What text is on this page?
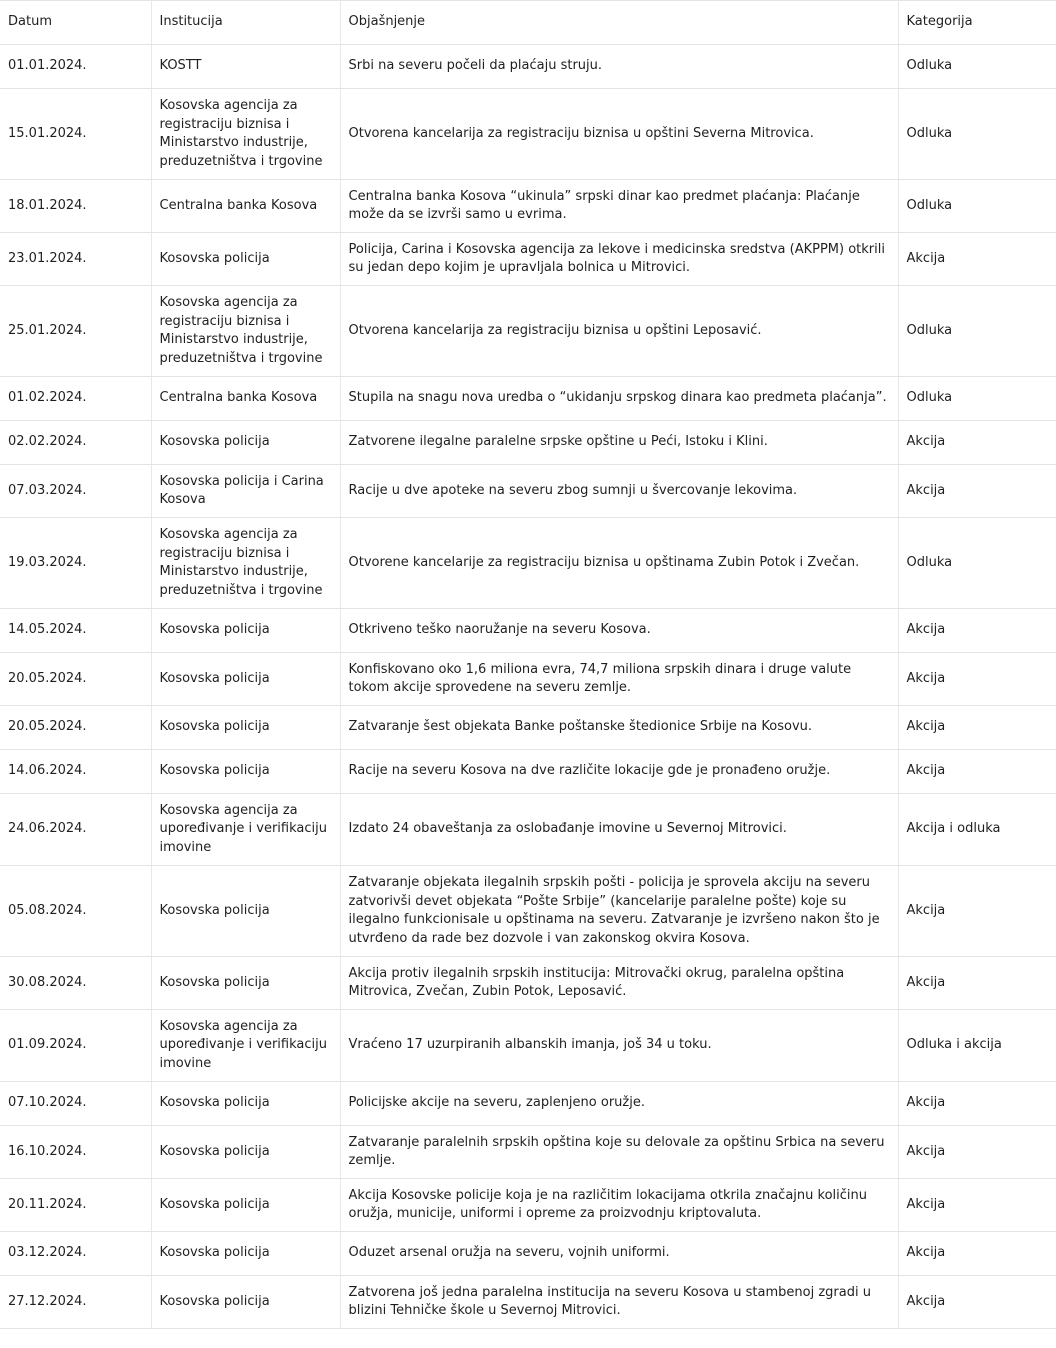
Datum	Institucija	Objašnjenje	Kategorija
01.01.2024.	KOSTT	Srbi na severu počeli da plaćaju struju.	Odluka
15.01.2024.	Kosovska agencija za registraciju biznisa i Ministarstvo industrije, preduzetništva i trgovine	Otvorena kancelarija za registraciju biznisa u opštini Severna Mitrovica.	Odluka
18.01.2024.	Centralna banka Kosova	Centralna banka Kosova “ukinula” srpski dinar kao predmet plaćanja: Plaćanje može da se izvrši samo u evrima.	Odluka
23.01.2024.	Kosovska policija	Policija, Carina i Kosovska agencija za lekove i medicinska sredstva (AKPPM) otkrili su jedan depo kojim je upravljala bolnica u Mitrovici.	Akcija
25.01.2024.	Kosovska agencija za registraciju biznisa i Ministarstvo industrije, preduzetništva i trgovine	Otvorena kancelarija za registraciju biznisa u opštini Leposavić.	Odluka
01.02.2024.	Centralna banka Kosova	Stupila na snagu nova uredba o “ukidanju srpskog dinara kao predmeta plaćanja”.	Odluka
02.02.2024.	Kosovska policija	Zatvorene ilegalne paralelne srpske opštine u Peći, Istoku i Klini.	Akcija
07.03.2024.	Kosovska policija i Carina Kosova	Racije u dve apoteke na severu zbog sumnji u švercovanje lekovima.	Akcija
19.03.2024.	Kosovska agencija za registraciju biznisa i Ministarstvo industrije, preduzetništva i trgovine	Otvorene kancelarije za registraciju biznisa u opštinama Zubin Potok i Zvečan.	Odluka
14.05.2024.	Kosovska policija	Otkriveno teško naoružanje na severu Kosova.	Akcija
20.05.2024.	Kosovska policija	Konfiskovano oko 1,6 miliona evra, 74,7 miliona srpskih dinara i druge valute tokom akcije sprovedene na severu zemlje.	Akcija
20.05.2024.	Kosovska policija	Zatvaranje šest objekata Banke poštanske štedionice Srbije na Kosovu.	Akcija
14.06.2024.	Kosovska policija	Racije na severu Kosova na dve različite lokacije gde je pronađeno oružje.	Akcija
24.06.2024.	Kosovska agencija za upoređivanje i verifikaciju imovine	Izdato 24 obaveštanja za oslobađanje imovine u Severnoj Mitrovici.	Akcija i odluka
05.08.2024.	Kosovska policija	Zatvaranje objekata ilegalnih srpskih pošti - policija je sprovela akciju na severu zatvorivši devet objekata “Pošte Srbije” (kancelarije paralelne pošte) koje su ilegalno funkcionisale u opštinama na severu. Zatvaranje je izvršeno nakon što je utvrđeno da rade bez dozvole i van zakonskog okvira Kosova.	Akcija
30.08.2024.	Kosovska policija	Akcija protiv ilegalnih srpskih institucija: Mitrovački okrug, paralelna opština Mitrovica, Zvečan, Zubin Potok, Leposavić.	Akcija
01.09.2024.	Kosovska agencija za upoređivanje i verifikaciju imovine	Vraćeno 17 uzurpiranih albanskih imanja, još 34 u toku.	Odluka i akcija
07.10.2024.	Kosovska policija	Policijske akcije na severu, zaplenjeno oružje.	Akcija
16.10.2024.	Kosovska policija	Zatvaranje paralelnih srpskih opština koje su delovale za opštinu Srbica na severu zemlje.	Akcija
20.11.2024.	Kosovska policija	Akcija Kosovske policije koja je na različitim lokacijama otkrila značajnu količinu oružja, municije, uniformi i opreme za proizvodnju kriptovaluta.	Akcija
03.12.2024.	Kosovska policija	Oduzet arsenal oružja na severu, vojnih uniformi.	Akcija
27.12.2024.	Kosovska policija	Zatvorena još jedna paralelna institucija na severu Kosova u stambenoj zgradi u blizini Tehničke škole u Severnoj Mitrovici.	Akcija
